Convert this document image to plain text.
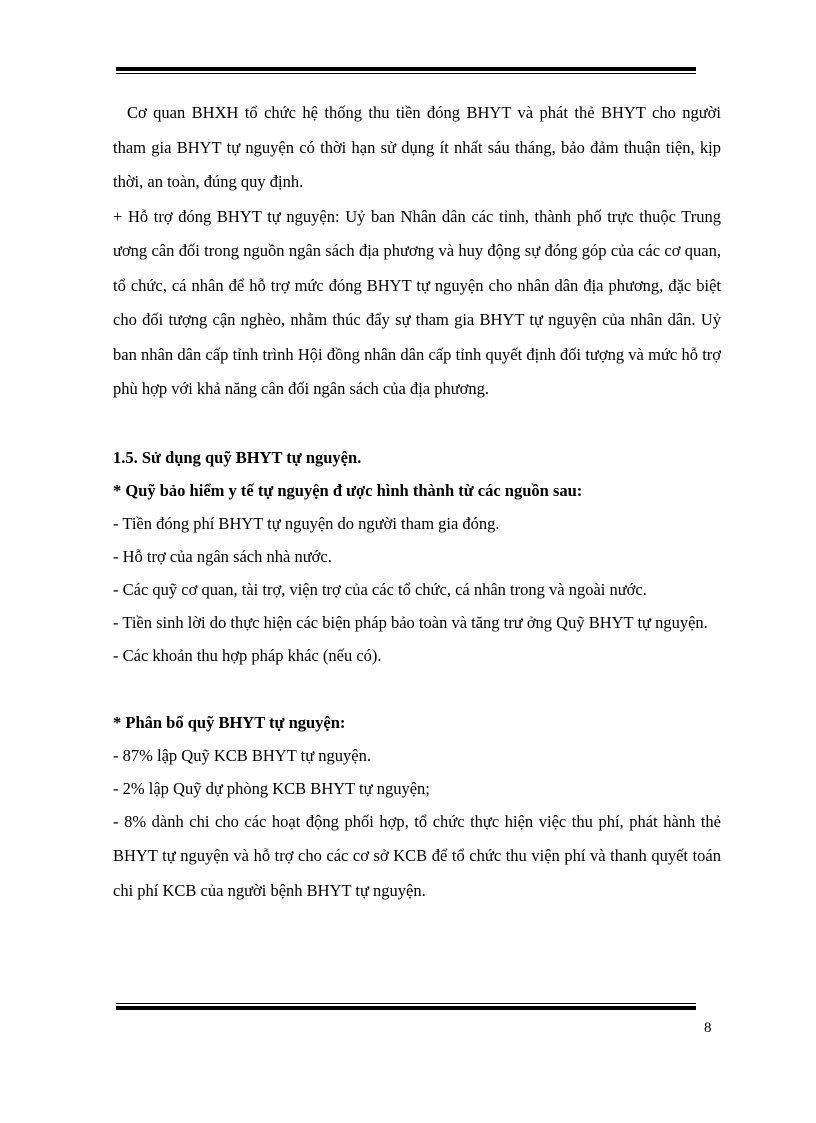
Cơ quan BHXH tổ chức hệ thống thu tiền đóng BHYT và phát thẻ BHYT cho người tham gia BHYT tự nguyện có thời hạn sử dụng ít nhất sáu tháng, bảo đảm thuận tiện, kịp thời, an toàn, đúng quy định.

+ Hỗ trợ đóng BHYT tự nguyện: Uỷ ban Nhân dân các tỉnh, thành phố trực thuộc Trung ương cân đối trong nguồn ngân sách địa phương và huy động sự đóng góp của các cơ quan, tổ chức, cá nhân để hỗ trợ mức đóng BHYT tự nguyện cho nhân dân địa phương, đặc biệt cho đối tượng cận nghèo, nhằm thúc đẩy sự tham gia BHYT tự nguyện của nhân dân. Uỷ ban nhân dân cấp tỉnh trình Hội đồng nhân dân cấp tỉnh quyết định đối tượng và mức hỗ trợ phù hợp với khả năng cân đối ngân sách của địa phương.

1.5. Sử dụng quỹ BHYT tự nguyện.

* Quỹ bảo hiểm y tế tự nguyện đ ược hình thành từ các nguồn sau:

- Tiền đóng phí BHYT tự nguyện do người tham gia đóng.

- Hỗ trợ của ngân sách nhà nước.

- Các quỹ cơ quan, tài trợ, viện trợ của các tổ chức, cá nhân trong và ngoài nước.

- Tiền sinh lời do thực hiện các biện pháp bảo toàn và tăng trư ởng Quỹ BHYT tự nguyện.

- Các khoản thu hợp pháp khác (nếu có).

* Phân bổ quỹ BHYT tự nguyện:

- 87% lập Quỹ KCB BHYT tự nguyện.

- 2% lập Quỹ dự phòng KCB BHYT tự nguyện;

- 8% dành chi cho các hoạt động phối hợp, tổ chức thực hiện việc thu phí, phát hành thẻ BHYT tự nguyện và hỗ trợ cho các cơ sở KCB để tổ chức thu viện phí và thanh quyết toán chi phí KCB của người bệnh BHYT tự nguyện.

8
